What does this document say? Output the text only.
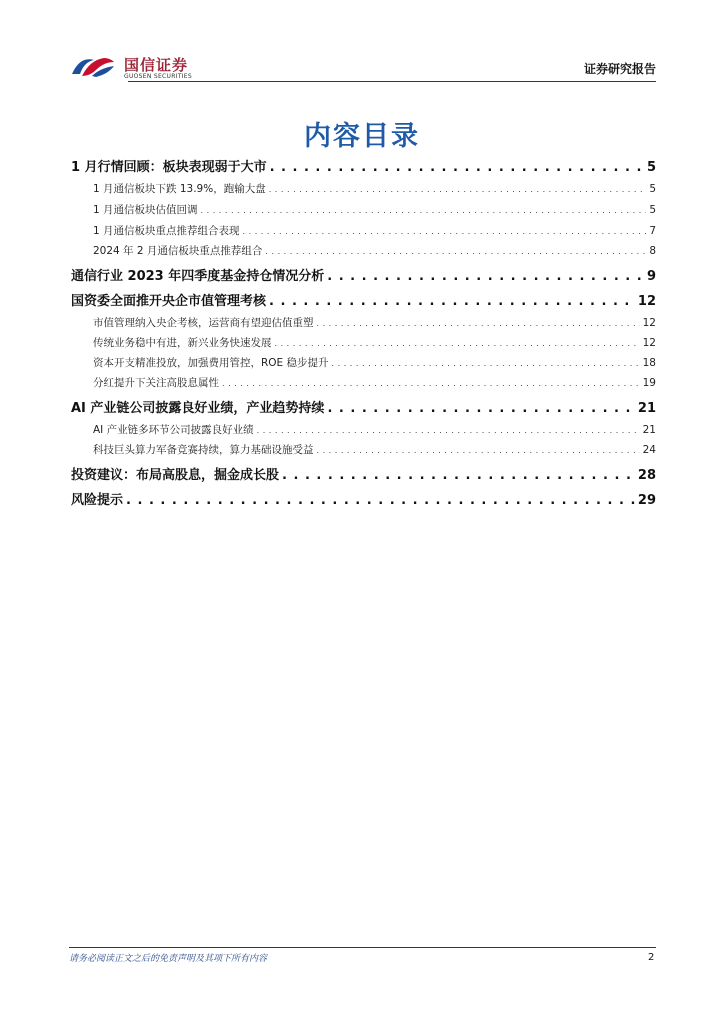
国信证券
GUOSEN SECURITIES
证券研究报告
内容目录
1 月行情回顾：板块表现弱于大市 . . .	5
1 月通信板块下跌 13.9%，跑输大盘 . . .	5
1 月通信板块估值回调 . . .	5
1 月通信板块重点推荐组合表现 . . .	7
2024 年 2 月通信板块重点推荐组合 . . .	8
通信行业 2023 年四季度基金持仓情况分析 . . .	9
国资委全面推开央企市值管理考核 . . .	12
市值管理纳入央企考核，运营商有望迎估值重塑 . . .	12
传统业务稳中有进，新兴业务快速发展 . . .	12
资本开支精准投放，加强费用管控，ROE 稳步提升 . . .	18
分红提升下关注高股息属性 . . .	19
AI 产业链公司披露良好业绩，产业趋势持续 . . .	21
AI 产业链多环节公司披露良好业绩 . . .	21
科技巨头算力军备竞赛持续，算力基础设施受益 . . .	24
投资建议：布局高股息，掘金成长股 . . .	28
风险提示 . . .	29
请务必阅读正文之后的免责声明及其项下所有内容	2
